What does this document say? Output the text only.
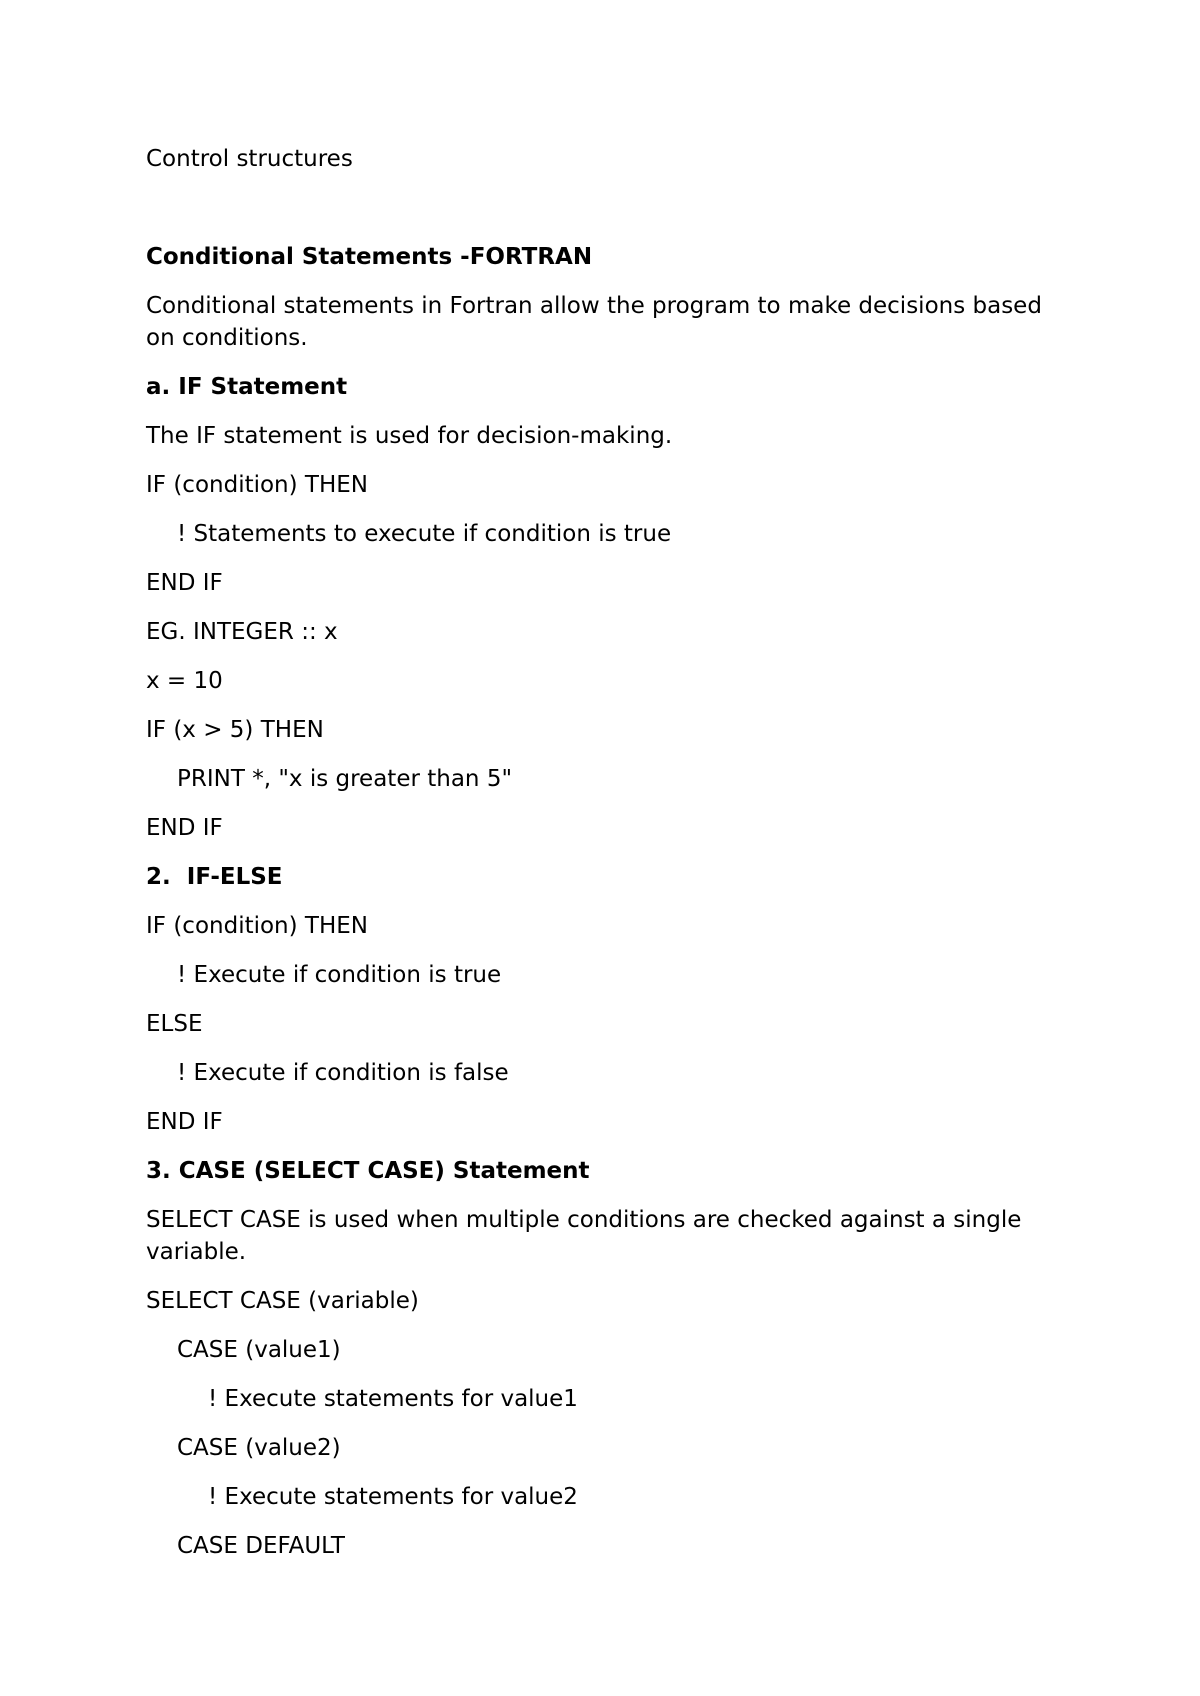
Control structures
Conditional Statements -FORTRAN
Conditional statements in Fortran allow the program to make decisions based on conditions.
a. IF Statement
The IF statement is used for decision-making.
IF (condition) THEN
! Statements to execute if condition is true
END IF
EG. INTEGER :: x
x = 10
IF (x > 5) THEN
PRINT *, "x is greater than 5"
END IF
2.  IF-ELSE
IF (condition) THEN
! Execute if condition is true
ELSE
! Execute if condition is false
END IF
3. CASE (SELECT CASE) Statement
SELECT CASE is used when multiple conditions are checked against a single variable.
SELECT CASE (variable)
CASE (value1)
! Execute statements for value1
CASE (value2)
! Execute statements for value2
CASE DEFAULT
